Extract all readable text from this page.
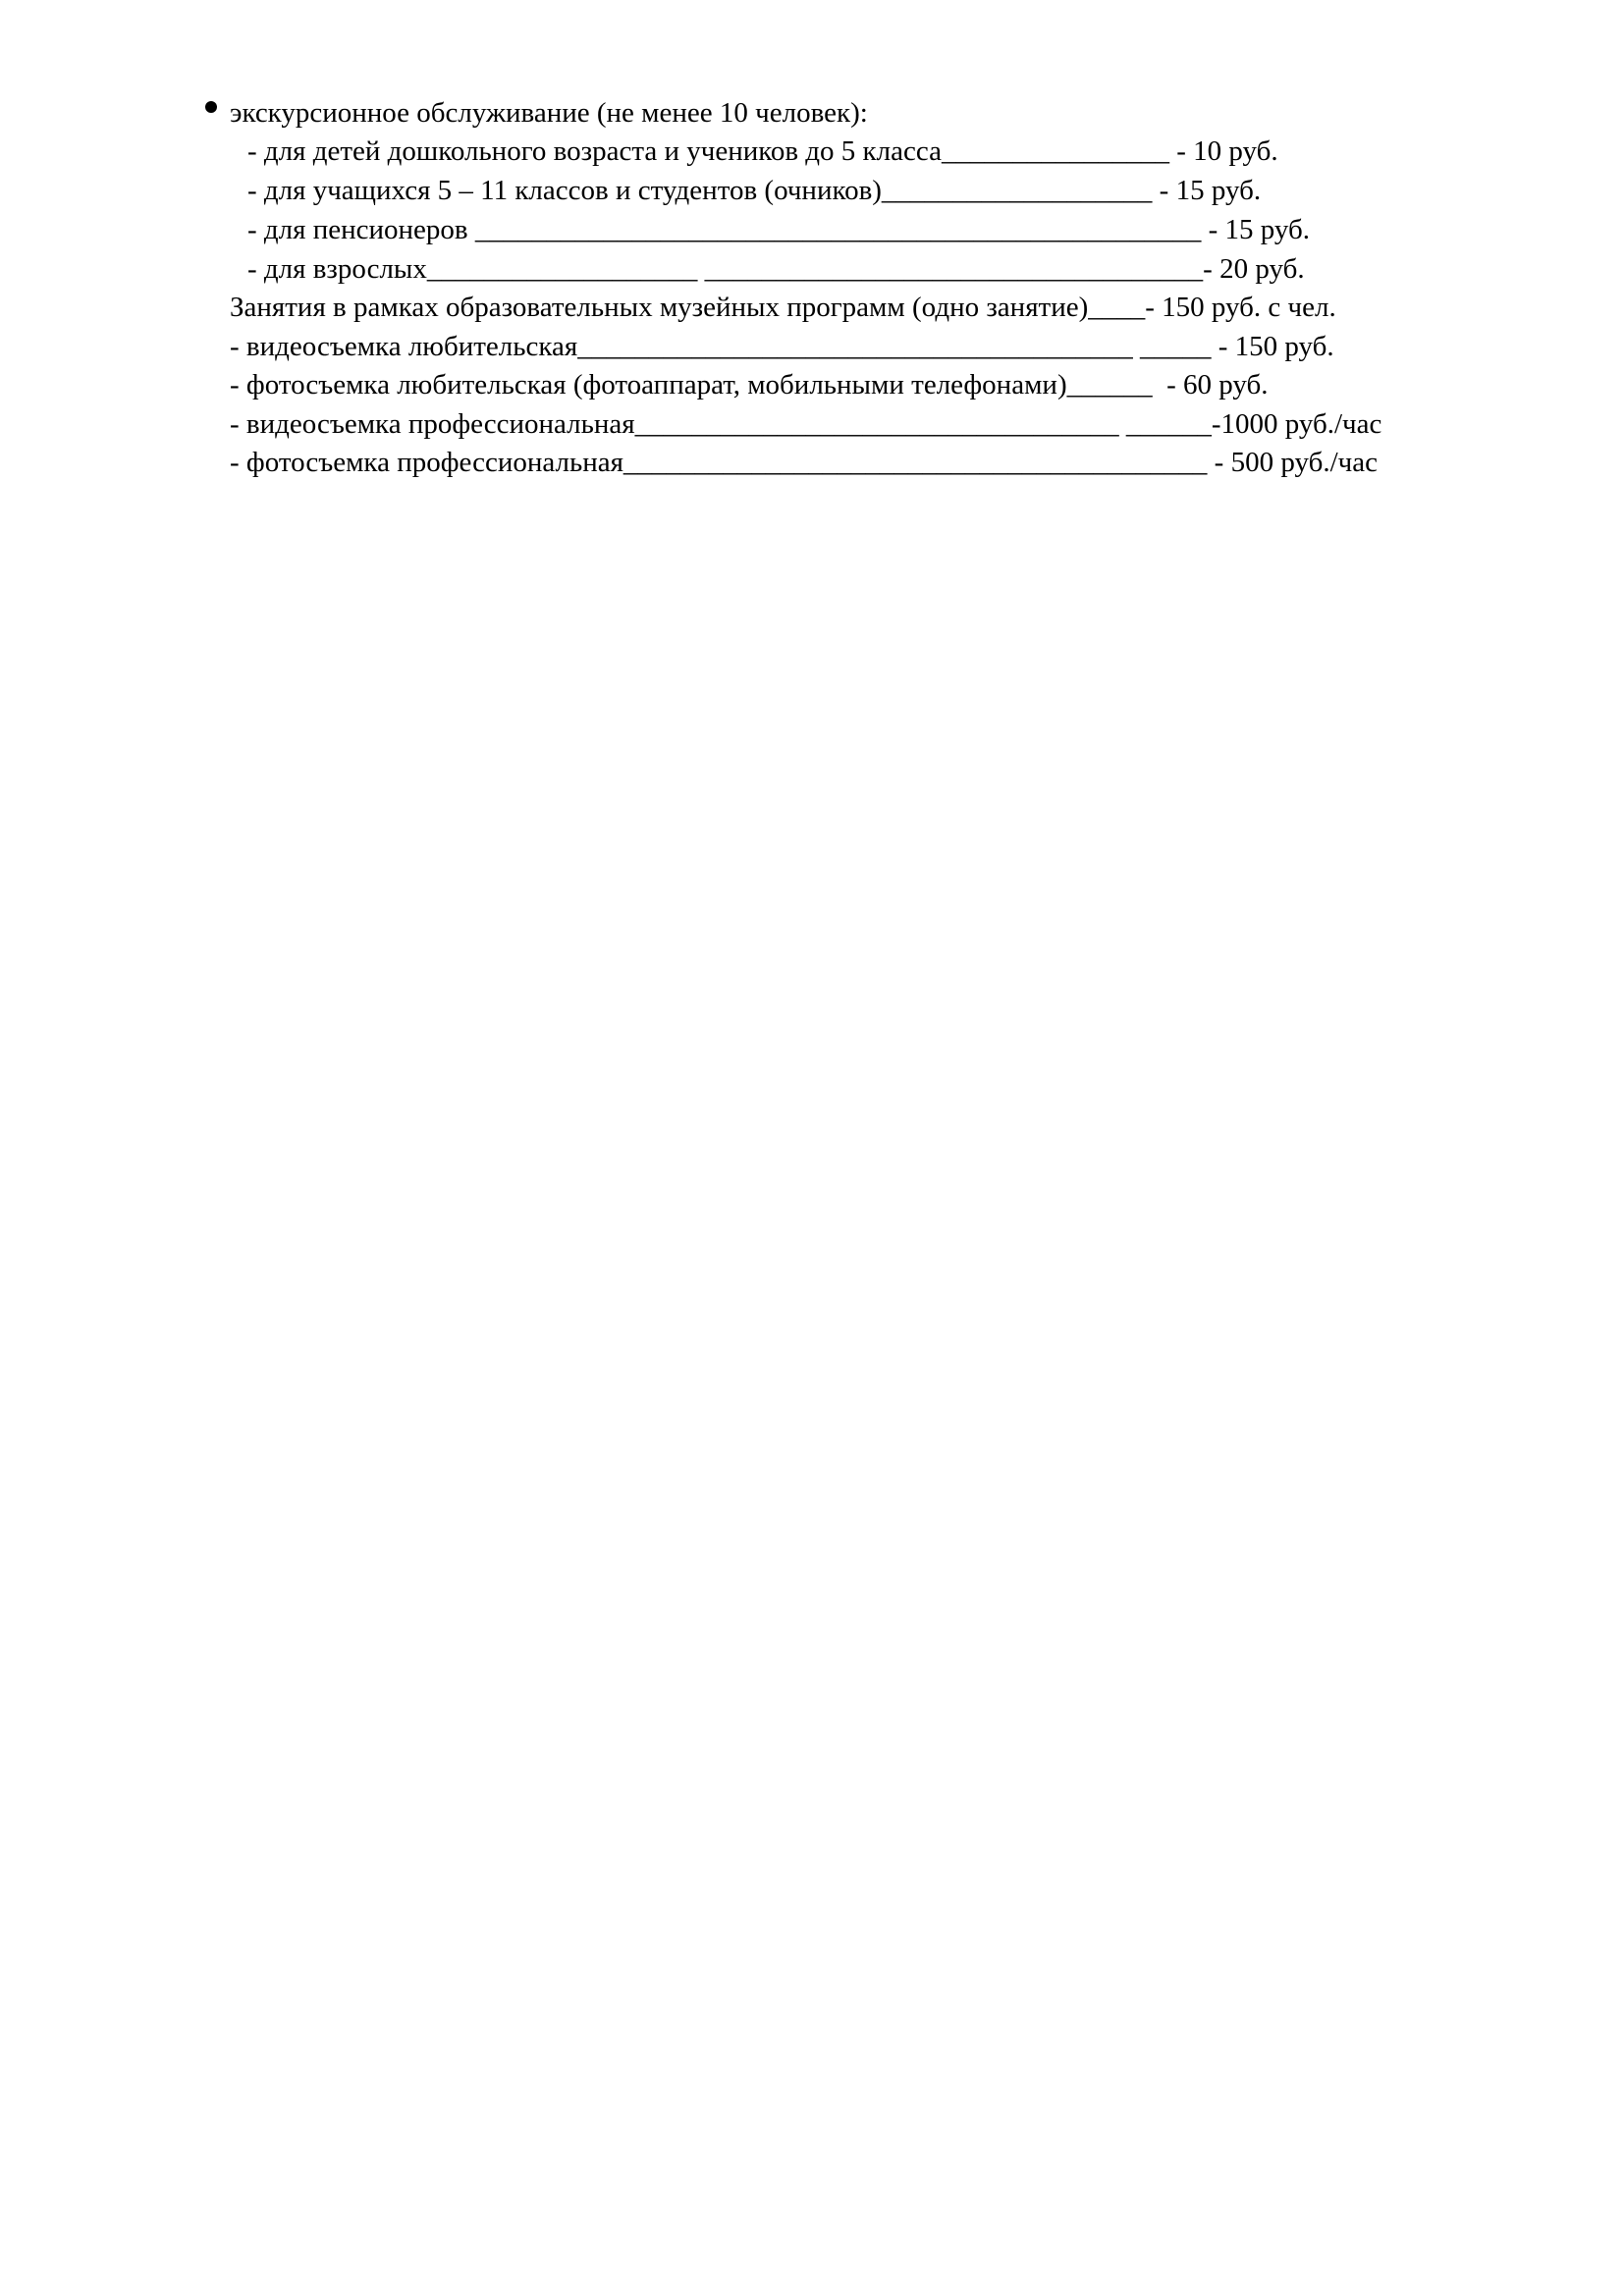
экскурсионное обслуживание (не менее 10 человек):
- для детей дошкольного возраста и учеников до 5 класса________________ - 10 руб.
- для учащихся 5 – 11 классов и студентов (очников)___________________ - 15 руб.
- для пенсионеров ___________________________________________________ - 15 руб.
- для взрослых___________________ ___________________________________- 20 руб.
Занятия в рамках образовательных музейных программ (одно занятие)____- 150 руб. с чел.
- видеосъемка любительская_______________________________________ _____ - 150 руб.
- фотосъемка любительская (фотоаппарат, мобильными телефонами)______  - 60 руб.
- видеосъемка профессиональная__________________________________ ______-1000 руб./час
- фотосъемка профессиональная_________________________________________ - 500 руб./час
